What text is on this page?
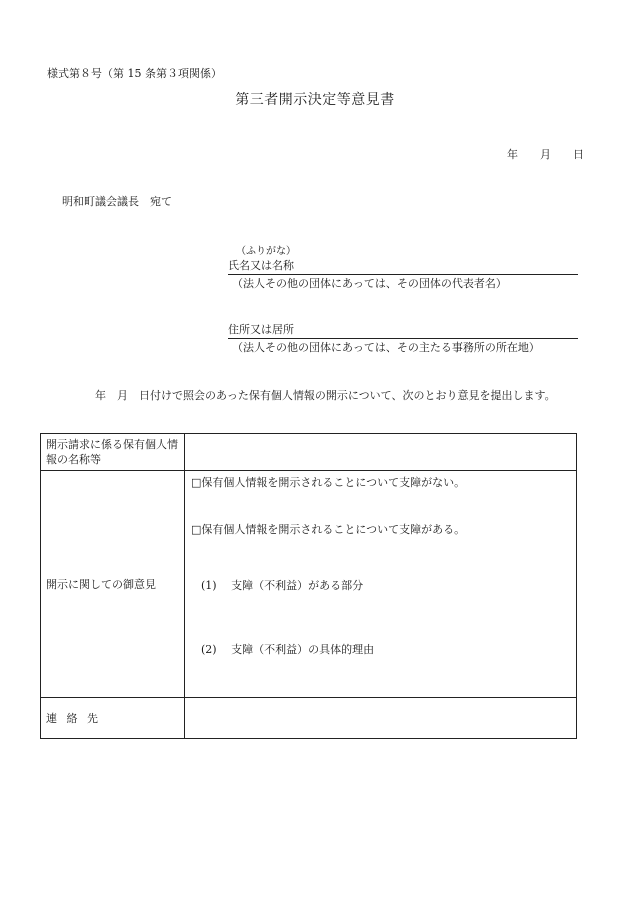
様式第８号（第 15 条第３項関係）
第三者開示決定等意見書
年 月 日
明和町議会議長　宛て
（ふりがな）
氏名又は名称
（法人その他の団体にあっては、その団体の代表者名）
住所又は居所
（法人その他の団体にあっては、その主たる事務所の所在地）
年　月　日付けで照会のあった保有個人情報の開示について、次のとおり意見を提出します。
開示請求に係る保有個人情報の名称等	
開示に関しての御意見	□保有個人情報を開示されることについて支障がない。
□保有個人情報を開示されることについて支障がある。
(1)　 支障（不利益）がある部分
(2)　 支障（不利益）の具体的理由

連 絡 先	
